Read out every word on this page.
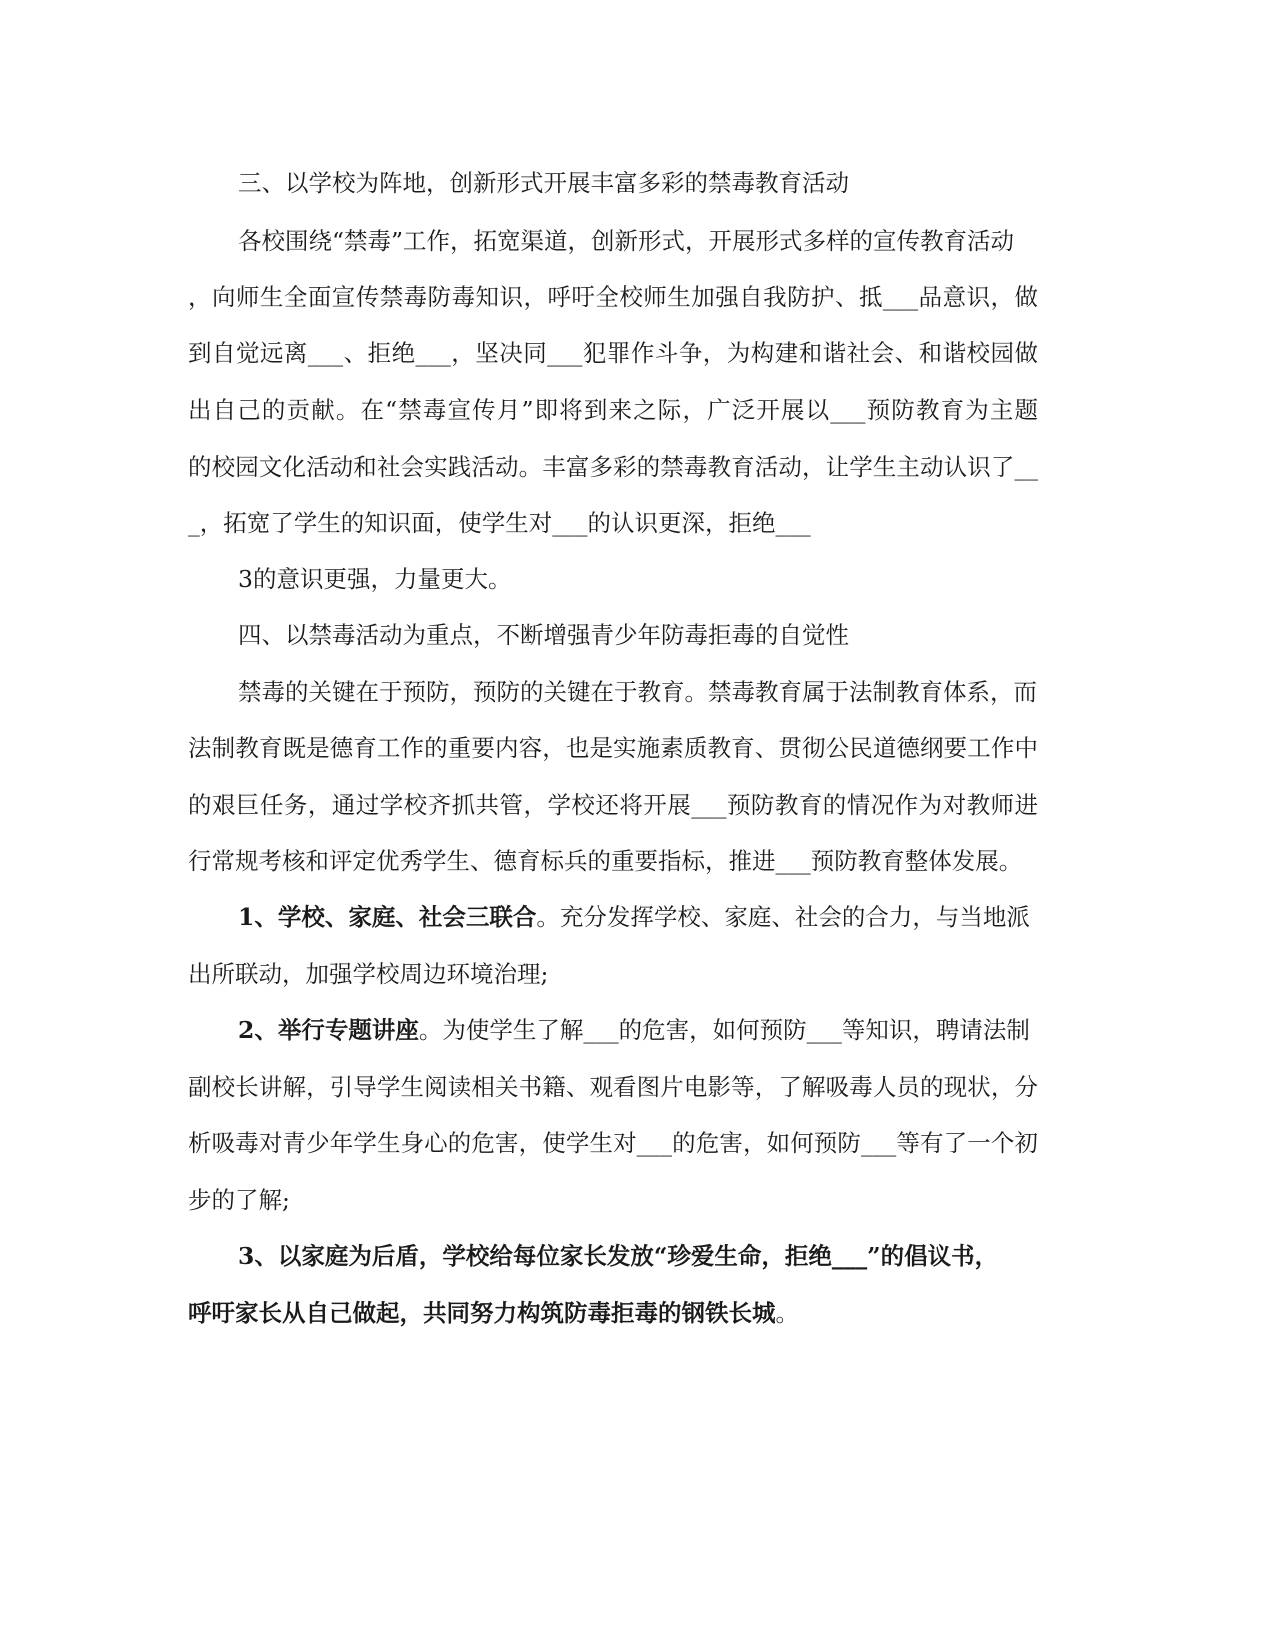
三、以学校为阵地，创新形式开展丰富多彩的禁毒教育活动
各校围绕“禁毒”工作，拓宽渠道，创新形式，开展形式多样的宣传教育活动
，向师生全面宣传禁毒防毒知识，呼吁全校师生加强自我防护、抵___品意识，做
到自觉远离___、拒绝___，坚决同___犯罪作斗争，为构建和谐社会、和谐校园做
出自己的贡献。在“禁毒宣传月”即将到来之际，广泛开展以___预防教育为主题
的校园文化活动和社会实践活动。丰富多彩的禁毒教育活动，让学生主动认识了__
_，拓宽了学生的知识面，使学生对___的认识更深，拒绝___
3的意识更强，力量更大。
四、以禁毒活动为重点，不断增强青少年防毒拒毒的自觉性
禁毒的关键在于预防，预防的关键在于教育。禁毒教育属于法制教育体系，而
法制教育既是德育工作的重要内容，也是实施素质教育、贯彻公民道德纲要工作中
的艰巨任务，通过学校齐抓共管，学校还将开展___预防教育的情况作为对教师进
行常规考核和评定优秀学生、德育标兵的重要指标，推进___预防教育整体发展。
1、学校、家庭、社会三联合。充分发挥学校、家庭、社会的合力，与当地派
出所联动，加强学校周边环境治理;
2、举行专题讲座。为使学生了解___的危害，如何预防___等知识，聘请法制
副校长讲解，引导学生阅读相关书籍、观看图片电影等，了解吸毒人员的现状，分
析吸毒对青少年学生身心的危害，使学生对___的危害，如何预防___等有了一个初
步的了解;
3、以家庭为后盾，学校给每位家长发放“珍爱生命，拒绝___”的倡议书，
呼吁家长从自己做起，共同努力构筑防毒拒毒的钢铁长城。
